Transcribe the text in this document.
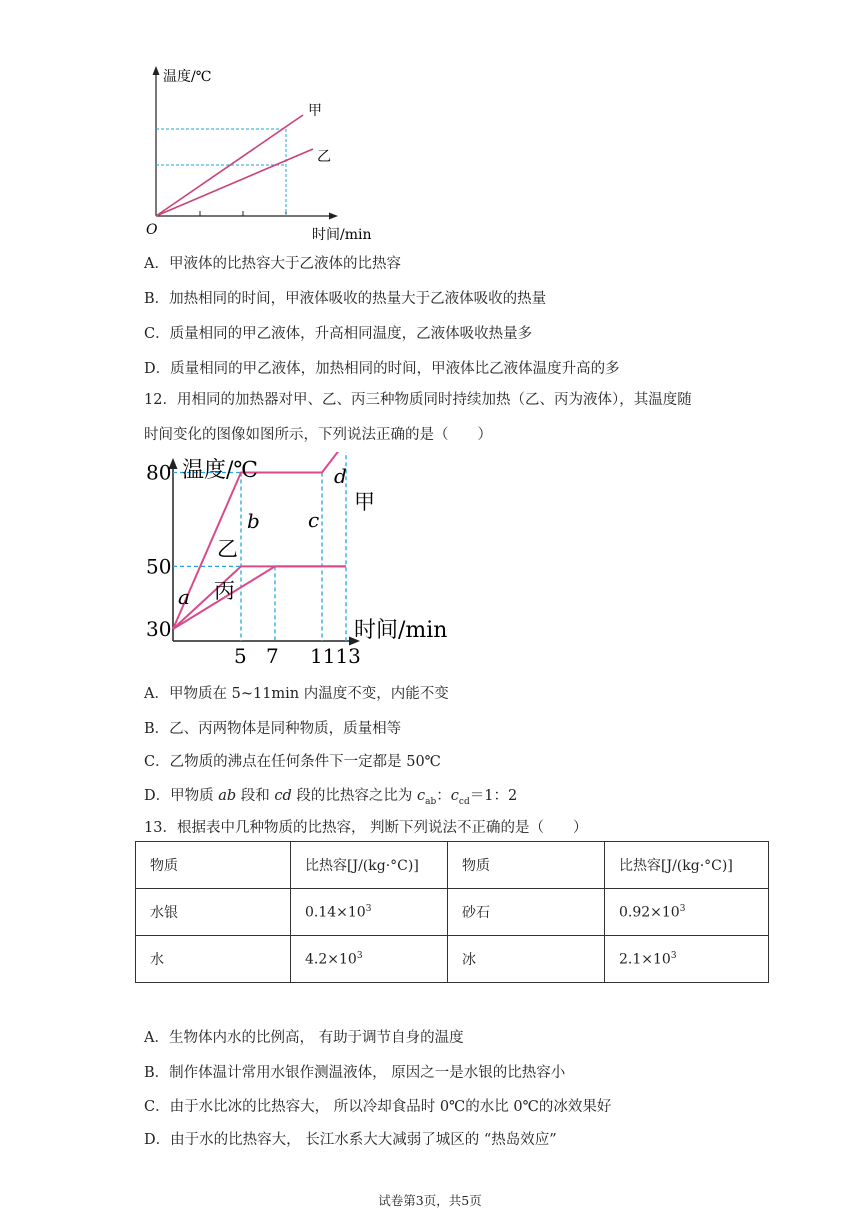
温度/℃
时间/min
O
甲
乙
A．甲液体的比热容大于乙液体的比热容
B．加热相同的时间，甲液体吸收的热量大于乙液体吸收的热量
C．质量相同的甲乙液体，升高相同温度，乙液体吸收热量多
D．质量相同的甲乙液体，加热相同的时间，甲液体比乙液体温度升高的多
12．用相同的加热器对甲、乙、丙三种物质同时持续加热（乙、丙为液体），其温度随
时间变化的图像如图所示，下列说法正确的是（　　）
80
50
30
5 7 1113
温度/℃
时间/min
a
b c
d
甲
乙
丙
A．甲物质在 5~11min 内温度不变，内能不变
B．乙、丙两物体是同种物质，质量相等
C．乙物质的沸点在任何条件下一定都是 50℃
D．甲物质 ab 段和 cd 段的比热容之比为 $c_{ab}$：$c_{cd}=1$：2
13．根据表中几种物质的比热容， 判断下列说法不正确的是（　　）
物质	比热容[J/(kg·°C)]	物质	比热容[J/(kg·°C)]
水银	$0.14\times 10^3$	砂石	$0.92\times 10^3$
水	$4.2\times 10^3$	冰	$2.1\times 10^3$
A．生物体内水的比例高， 有助于调节自身的温度
B．制作体温计常用水银作测温液体， 原因之一是水银的比热容小
C．由于水比冰的比热容大， 所以冷却食品时 0℃的水比 0℃的冰效果好
D．由于水的比热容大， 长江水系大大减弱了城区的 “热岛效应”
试卷第3页，共5页
